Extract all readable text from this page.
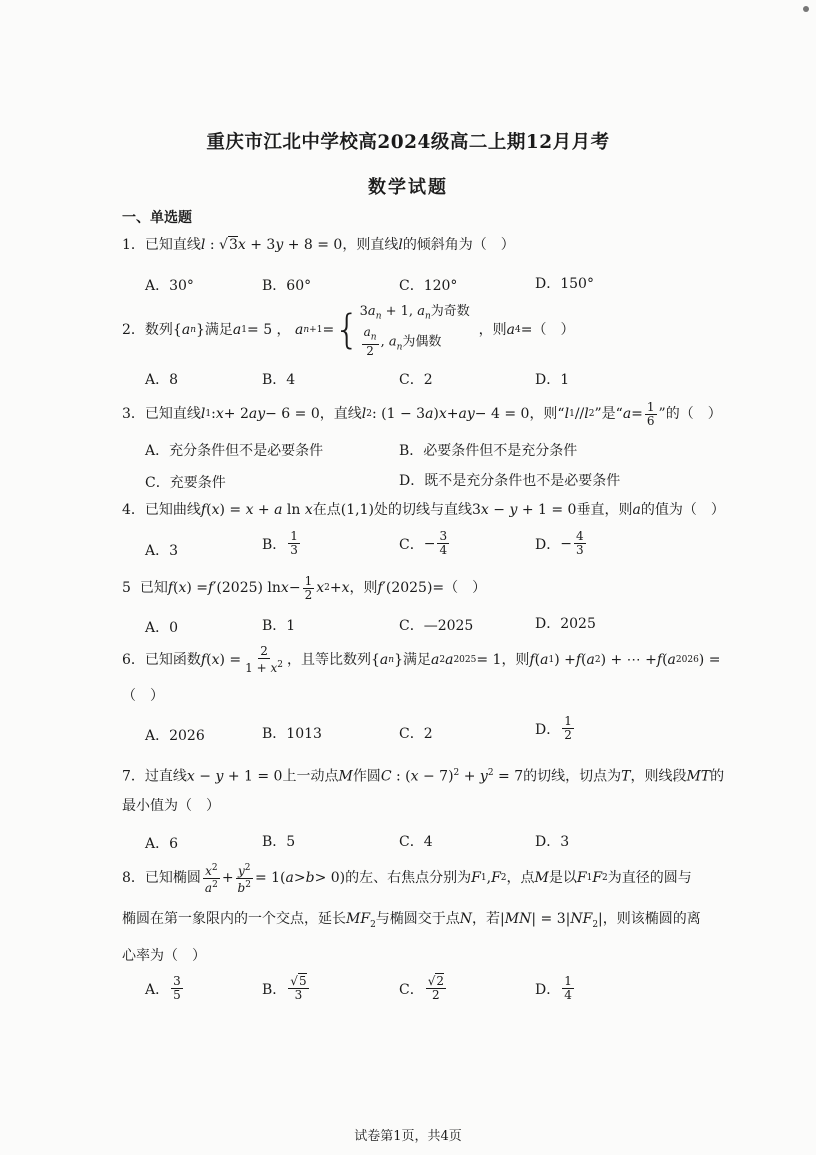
重庆市江北中学校高2024级高二上期12月月考
数学试题
一、单选题
1．已知直线l : √3x + 3y + 8 = 0，则直线l的倾斜角为（　）
A．30°	B．60°	C．120°	D．150°
2． 数列 { a n } 满足 a 1 = 5 ， a n+1 = { $3a_n + 1$, $a_n$为奇数
$\frac{a_n}{2}$ , $a_n$为偶数

，则 a 4 =（　）
A．8	B．4	C．2	D．1
3． 已知直线 l 1 : x + 2 ay − 6 = 0 ，直线 l 2 : (1 − 3 a ) x + ay − 4 = 0 ，则“ l 1 // l 2 ”是“ $a = \frac{1}{6}$ ”的（　）
A．充分条件但不是必要条件	B．必要条件但不是充分条件
C．充要条件	D．既不是充分条件也不是必要条件
4．已知曲线f(x) = x + a ln x在点(1,1)处的切线与直线3x − y + 1 = 0垂直，则a的值为（　）
A．3	B． $\frac{1}{3}$	C． − $\frac{3}{4}$	D． − $\frac{4}{3}$
5
已知 f ( x ) = f ′(2025) $\ln x - \frac{1}{2}$ x 2 + x ，则 f ′(2025) =（　）
A．0	B．1	C．—2025	D．2025
6． 已知函数 f ( x ) = $\frac{2}{1 + x^2}$ ，且等比数列 { a n } 满足 a 2 a 2025 = 1 ，则 f ( a 1 ) + f ( a 2 ) + ⋯ + f ( a 2026 ) =
（　）
A．2026	B．1013	C．2	D． $\frac{1}{2}$
7．过直线x − y + 1 = 0上一动点M作圆C : $(x - 7)^2 + y^2 = 7$的切线，切点为T，则线段MT的
最小值为（　）
A．6	B．5	C．4	D．3
8． 已知椭圆 $\frac{x^2}{a^2} + \frac{y^2}{b^2} = 1$( a > b > 0) 的左、右焦点分别为 F 1 , F 2 ，点 M 是以 F 1 F 2 为直径的圆与
椭圆在第一象限内的一个交点，延长$MF_2$与椭圆交于点N，若$|MN| = 3|NF_2|$，则该椭圆的离
心率为（　）
A． $\frac{3}{5}$	B． $\frac{√5}{3}$	C． $\frac{√2}{2}$	D． $\frac{1}{4}$
试卷第1页，共4页
